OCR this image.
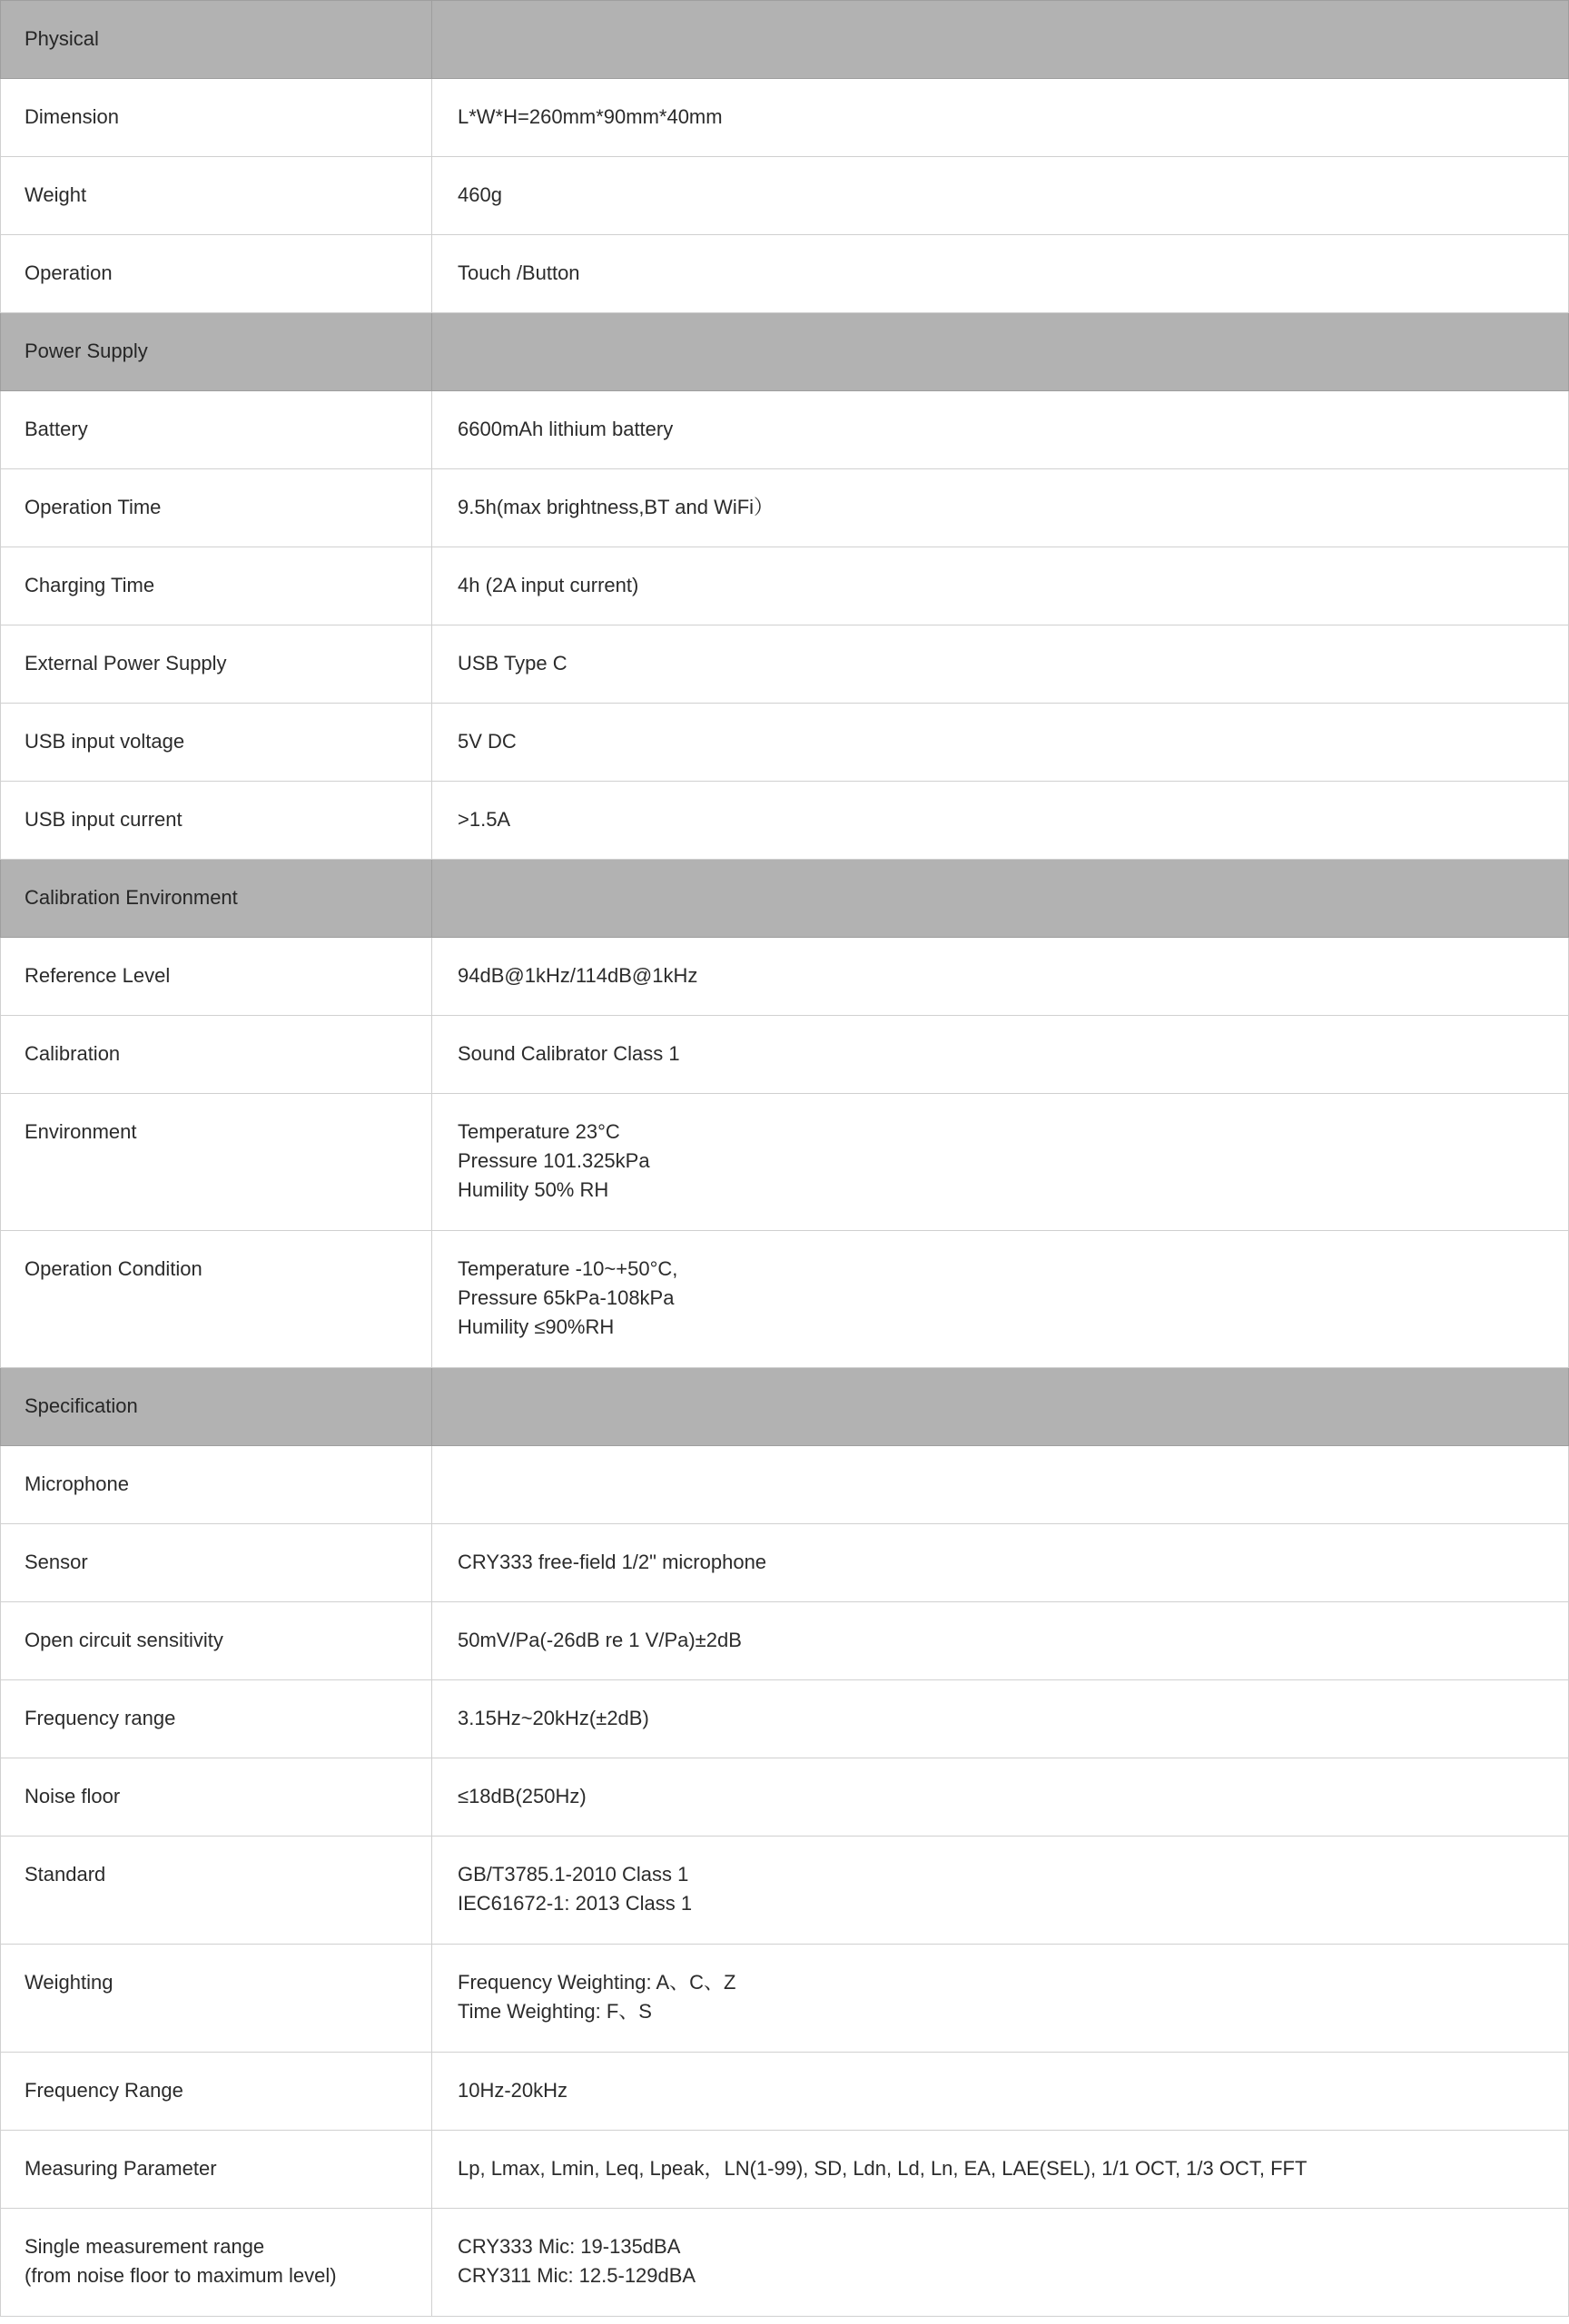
Physical	

Dimension	L*W*H=260mm*90mm*40mm

Weight	460g

Operation	Touch /Button

Power Supply	

Battery	6600mAh lithium battery

Operation Time	9.5h(max brightness,BT and WiFi）

Charging Time	4h (2A input current)

External Power Supply	USB Type C

USB input voltage	5V DC

USB input current	>1.5A

Calibration Environment	

Reference Level	94dB@1kHz/114dB@1kHz

Calibration	Sound Calibrator Class 1

Environment	Temperature 23°C
Pressure 101.325kPa
Humility 50% RH

Operation Condition	Temperature -10~+50°C,
Pressure 65kPa-108kPa
Humility ≤90%RH

Specification	

Microphone	

Sensor	CRY333 free-field 1/2" microphone

Open circuit sensitivity	50mV/Pa(-26dB re 1 V/Pa)±2dB

Frequency range	3.15Hz~20kHz(±2dB)

Noise floor	≤18dB(250Hz)

Standard	GB/T3785.1-2010 Class 1
IEC61672-1: 2013 Class 1

Weighting	Frequency Weighting: A、C、Z
Time Weighting: F、S

Frequency Range	10Hz-20kHz

Measuring Parameter	Lp, Lmax, Lmin, Leq, Lpeak，LN(1-99), SD, Ldn, Ld, Ln, EA, LAE(SEL), 1/1 OCT, 1/3 OCT, FFT

Single measurement range
(from noise floor to maximum level)	CRY333 Mic: 19-135dBA
CRY311 Mic: 12.5-129dBA
